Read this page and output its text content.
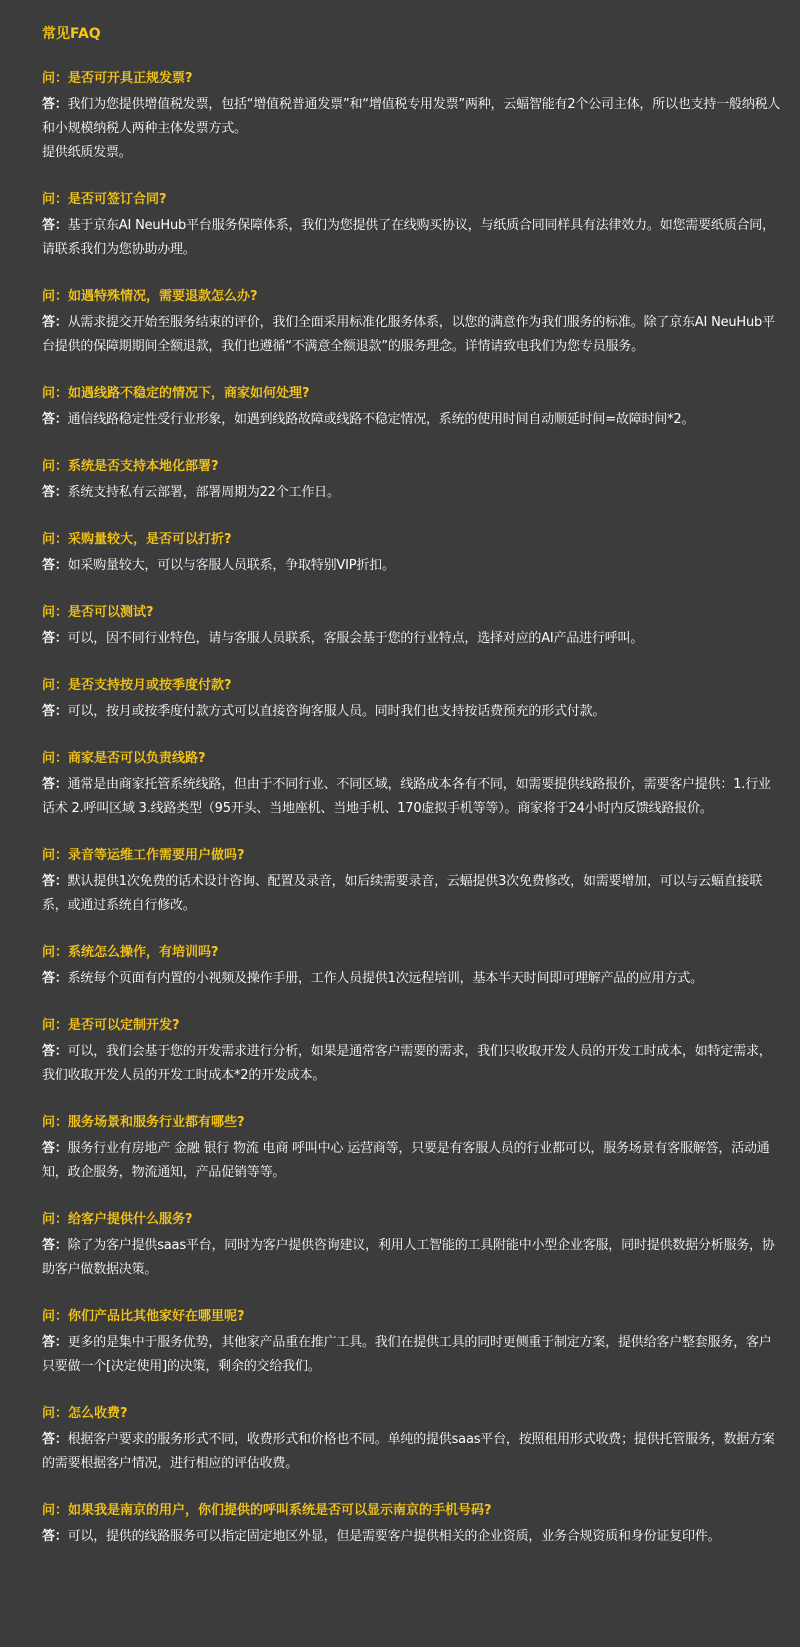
常见FAQ
问：是否可开具正规发票?
答：我们为您提供增值税发票，包括“增值税普通发票”和“增值税专用发票”两种，云蝠智能有2个公司主体，所以也支持一般纳税人和小规模纳税人两种主体发票方式。
提供纸质发票。
问：是否可签订合同?
答：基于京东AI NeuHub平台服务保障体系，我们为您提供了在线购买协议，与纸质合同同样具有法律效力。如您需要纸质合同，请联系我们为您协助办理。
问：如遇特殊情况，需要退款怎么办?
答：从需求提交开始至服务结束的评价，我们全面采用标准化服务体系，以您的满意作为我们服务的标准。除了京东AI NeuHub平台提供的保障期期间全额退款，我们也遵循“不满意全额退款”的服务理念。详情请致电我们为您专员服务。
问：如遇线路不稳定的情况下，商家如何处理?
答：通信线路稳定性受行业形象，如遇到线路故障或线路不稳定情况，系统的使用时间自动顺延时间=故障时间*2。
问：系统是否支持本地化部署?
答：系统支持私有云部署，部署周期为22个工作日。
问：采购量较大，是否可以打折?
答：如采购量较大，可以与客服人员联系，争取特别VIP折扣。
问：是否可以测试?
答：可以，因不同行业特色，请与客服人员联系，客服会基于您的行业特点，选择对应的AI产品进行呼叫。
问：是否支持按月或按季度付款?
答：可以，按月或按季度付款方式可以直接咨询客服人员。同时我们也支持按话费预充的形式付款。
问：商家是否可以负责线路?
答：通常是由商家托管系统线路，但由于不同行业、不同区域，线路成本各有不同，如需要提供线路报价，需要客户提供：1.行业话术 2.呼叫区域 3.线路类型（95开头、当地座机、当地手机、170虚拟手机等等）。商家将于24小时内反馈线路报价。
问：录音等运维工作需要用户做吗?
答：默认提供1次免费的话术设计咨询、配置及录音，如后续需要录音，云蝠提供3次免费修改，如需要增加，可以与云蝠直接联系，或通过系统自行修改。
问：系统怎么操作，有培训吗?
答：系统每个页面有内置的小视频及操作手册，工作人员提供1次远程培训，基本半天时间即可理解产品的应用方式。
问：是否可以定制开发?
答：可以，我们会基于您的开发需求进行分析，如果是通常客户需要的需求，我们只收取开发人员的开发工时成本，如特定需求，我们收取开发人员的开发工时成本*2的开发成本。
问：服务场景和服务行业都有哪些?
答：服务行业有房地产 金融 银行 物流 电商 呼叫中心 运营商等，只要是有客服人员的行业都可以，服务场景有客服解答，活动通知，政企服务，物流通知，产品促销等等。
问：给客户提供什么服务?
答：除了为客户提供saas平台，同时为客户提供咨询建议，利用人工智能的工具附能中小型企业客服，同时提供数据分析服务，协助客户做数据决策。
问：你们产品比其他家好在哪里呢?
答：更多的是集中于服务优势，其他家产品重在推广工具。我们在提供工具的同时更侧重于制定方案，提供给客户整套服务，客户只要做一个[决定使用]的决策，剩余的交给我们。
问：怎么收费?
答：根据客户要求的服务形式不同，收费形式和价格也不同。单纯的提供saas平台，按照租用形式收费；提供托管服务，数据方案的需要根据客户情况，进行相应的评估收费。
问：如果我是南京的用户，你们提供的呼叫系统是否可以显示南京的手机号码?
答：可以，提供的线路服务可以指定固定地区外显，但是需要客户提供相关的企业资质，业务合规资质和身份证复印件。
